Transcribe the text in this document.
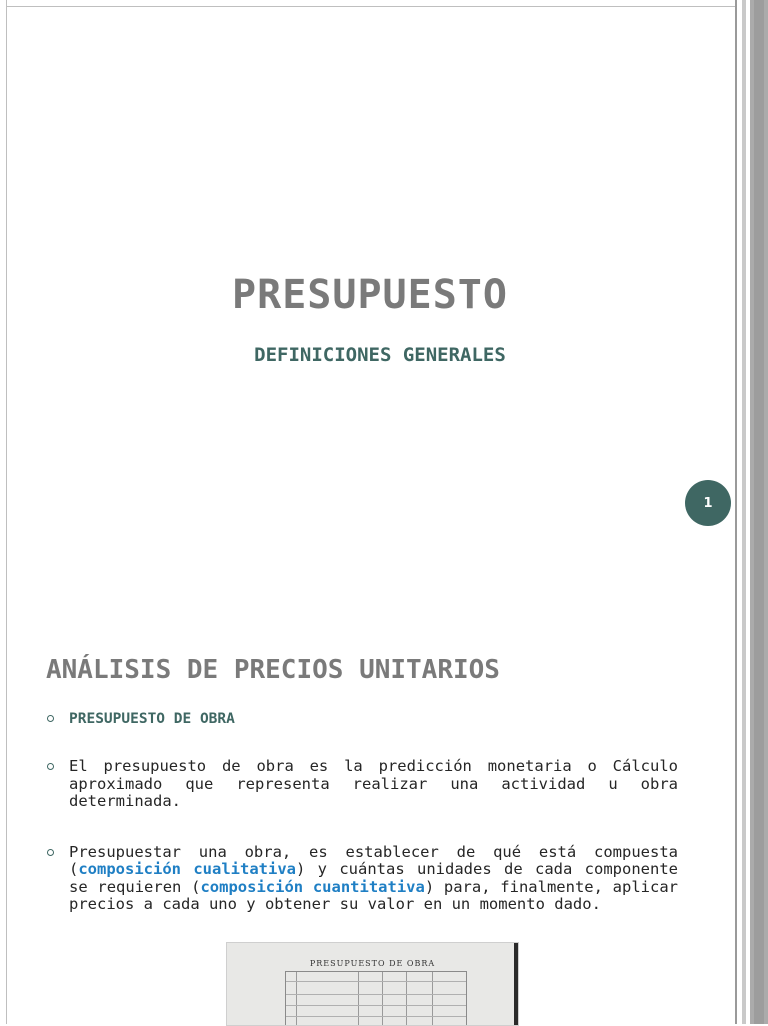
PRESUPUESTO
DEFINICIONES GENERALES
1
ANÁLISIS DE PRECIOS UNITARIOS
PRESUPUESTO DE OBRA
El presupuesto de obra es la predicción monetaria o Cálculo aproximado que representa realizar una actividad u obra determinada.
Presupuestar una obra, es establecer de qué está compuesta (composición cualitativa) y cuántas unidades de cada componente se requieren (composición cuantitativa) para, finalmente, aplicar precios a cada uno y obtener su valor en un momento dado.
PRESUPUESTO DE OBRA
